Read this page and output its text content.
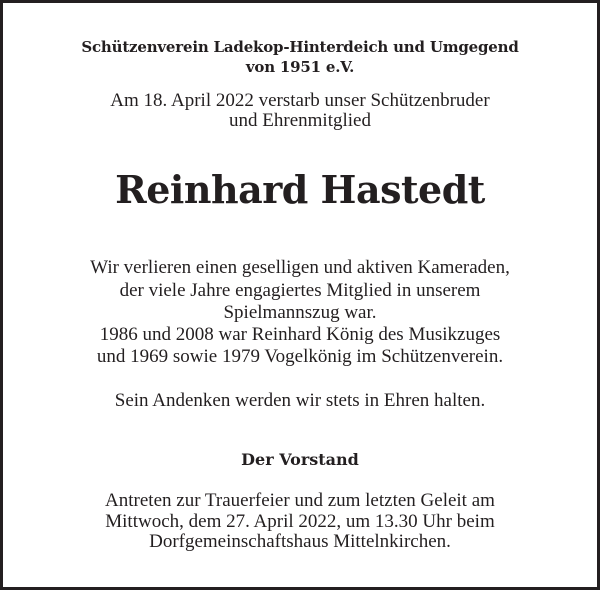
Schützenverein Ladekop-Hinterdeich und Umgegend
von 1951 e.V.
Am 18. April 2022 verstarb unser Schützenbruder
und Ehrenmitglied
Reinhard Hastedt
Wir verlieren einen geselligen und aktiven Kameraden,
der viele Jahre engagiertes Mitglied in unserem
Spielmannszug war.
1986 und 2008 war Reinhard König des Musikzuges
und 1969 sowie 1979 Vogelkönig im Schützenverein.
Sein Andenken werden wir stets in Ehren halten.
Der Vorstand
Antreten zur Trauerfeier und zum letzten Geleit am
Mittwoch, dem 27. April 2022, um 13.30 Uhr beim
Dorfgemeinschaftshaus Mittelnkirchen.
